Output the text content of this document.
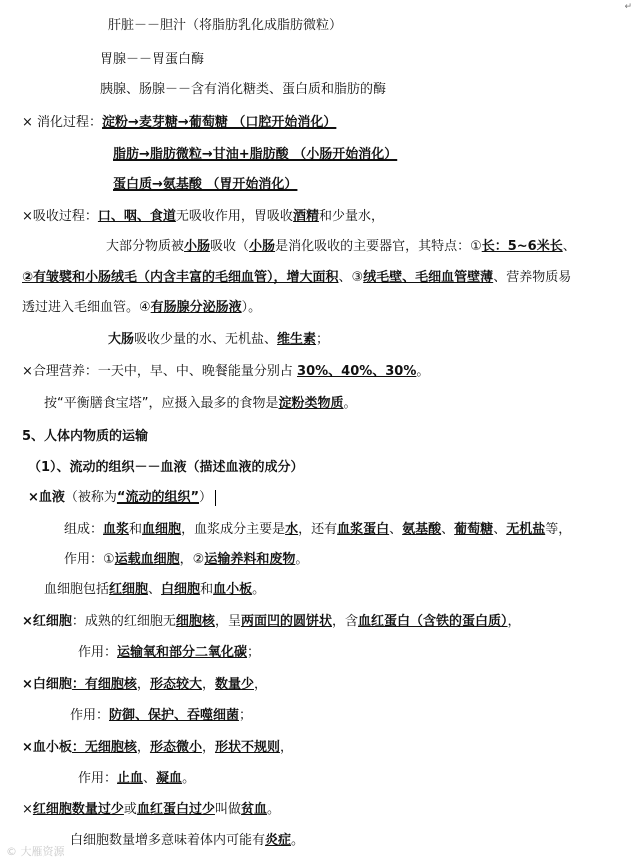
肝脏－－胆汁（将脂肪乳化成脂肪微粒）
胃腺－－胃蛋白酶
胰腺、肠腺－－含有消化糖类、蛋白质和脂肪的酶
× 消化过程：淀粉→麦芽糖→葡萄糖 （口腔开始消化）
脂肪→脂肪微粒→甘油+脂肪酸 （小肠开始消化）
蛋白质→氨基酸 （胃开始消化）
×吸收过程：口、咽、食道无吸收作用，胃吸收酒精和少量水，
大部分物质被小肠吸收（小肠是消化吸收的主要器官，其特点：①长：5~6米长、
②有皱襞和小肠绒毛（内含丰富的毛细血管），增大面积、③绒毛壁、毛细血管壁薄、营养物质易
透过进入毛细血管。④有肠腺分泌肠液）。
大肠吸收少量的水、无机盐、维生素；
×合理营养：一天中，早、中、晚餐能量分别占 30%、40%、30%。
按“平衡膳食宝塔”，应摄入最多的食物是淀粉类物质。
5、人体内物质的运输
（1）、流动的组织－－血液（描述血液的成分）
×血液（被称为“流动的组织”）
组成：血浆和血细胞，血浆成分主要是水，还有血浆蛋白、氨基酸、葡萄糖、无机盐等，
作用：①运载血细胞，②运输养料和废物。
血细胞包括红细胞、白细胞和血小板。
×红细胞：成熟的红细胞无细胞核，呈两面凹的圆饼状，含血红蛋白（含铁的蛋白质），
作用：运输氧和部分二氧化碳；
×白细胞：有细胞核，形态较大，数量少，
作用：防御、保护、吞噬细菌；
×血小板：无细胞核，形态微小，形状不规则，
作用：止血、凝血。
×红细胞数量过少或血红蛋白过少叫做贫血。
白细胞数量增多意味着体内可能有炎症。
↵
© 大雁资源
